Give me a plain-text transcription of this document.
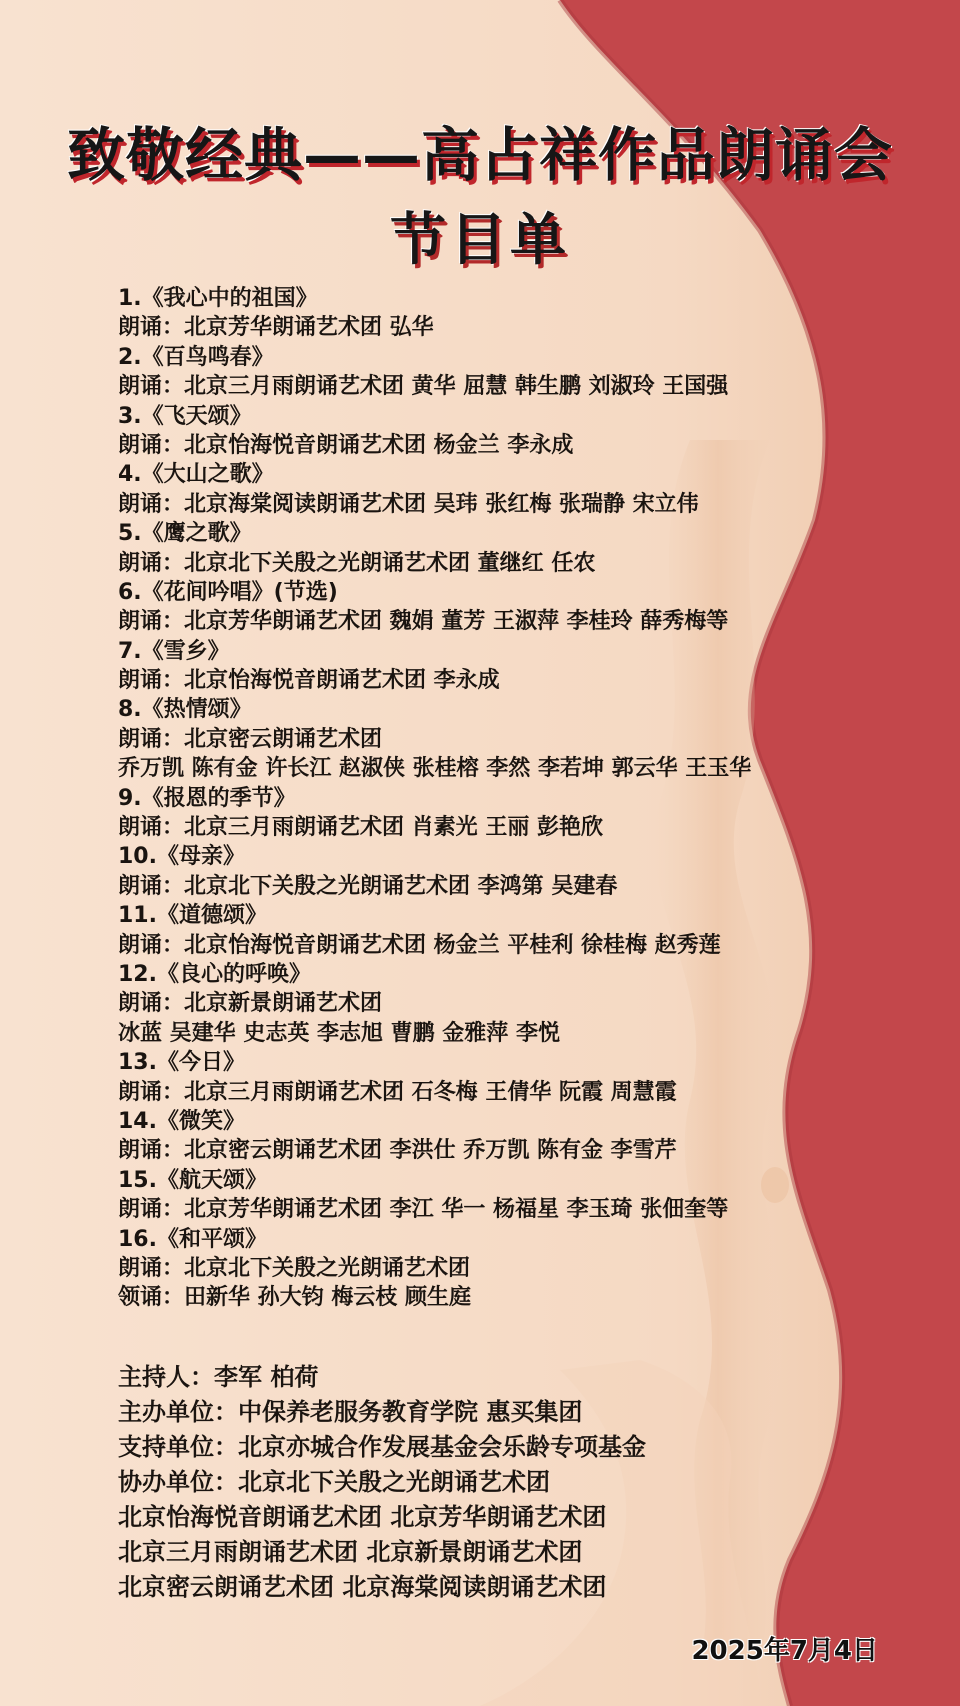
致敬经典——高占祥作品朗诵会
节目单
1.《我心中的祖国》
朗诵：北京芳华朗诵艺术团 弘华
2.《百鸟鸣春》
朗诵：北京三月雨朗诵艺术团 黄华 屈慧 韩生鹏 刘淑玲 王国强
3.《飞天颂》
朗诵：北京怡海悦音朗诵艺术团 杨金兰 李永成
4.《大山之歌》
朗诵：北京海棠阅读朗诵艺术团 吴玮 张红梅 张瑞静 宋立伟
5.《鹰之歌》
朗诵：北京北下关殷之光朗诵艺术团 董继红 任农
6.《花间吟唱》(节选)
朗诵：北京芳华朗诵艺术团 魏娟 董芳 王淑萍 李桂玲 薛秀梅等
7.《雪乡》
朗诵：北京怡海悦音朗诵艺术团 李永成
8.《热情颂》
朗诵：北京密云朗诵艺术团
乔万凯 陈有金 许长江 赵淑侠 张桂榕 李然 李若坤 郭云华 王玉华
9.《报恩的季节》
朗诵：北京三月雨朗诵艺术团 肖素光 王丽 彭艳欣
10.《母亲》
朗诵：北京北下关殷之光朗诵艺术团 李鸿第 吴建春
11.《道德颂》
朗诵：北京怡海悦音朗诵艺术团 杨金兰 平桂利 徐桂梅 赵秀莲
12.《良心的呼唤》
朗诵：北京新景朗诵艺术团
冰蓝 吴建华 史志英 李志旭 曹鹏 金雅萍 李悦
13.《今日》
朗诵：北京三月雨朗诵艺术团 石冬梅 王倩华 阮霞 周慧霞
14.《微笑》
朗诵：北京密云朗诵艺术团 李洪仕 乔万凯 陈有金 李雪芹
15.《航天颂》
朗诵：北京芳华朗诵艺术团 李江 华一 杨福星 李玉琦 张佃奎等
16.《和平颂》
朗诵：北京北下关殷之光朗诵艺术团
领诵：田新华 孙大钧 梅云枝 顾生庭
主持人：李军 柏荷
主办单位：中保养老服务教育学院 惠买集团
支持单位：北京亦城合作发展基金会乐龄专项基金
协办单位：北京北下关殷之光朗诵艺术团
北京怡海悦音朗诵艺术团 北京芳华朗诵艺术团
北京三月雨朗诵艺术团 北京新景朗诵艺术团
北京密云朗诵艺术团 北京海棠阅读朗诵艺术团
2025年7月4日
